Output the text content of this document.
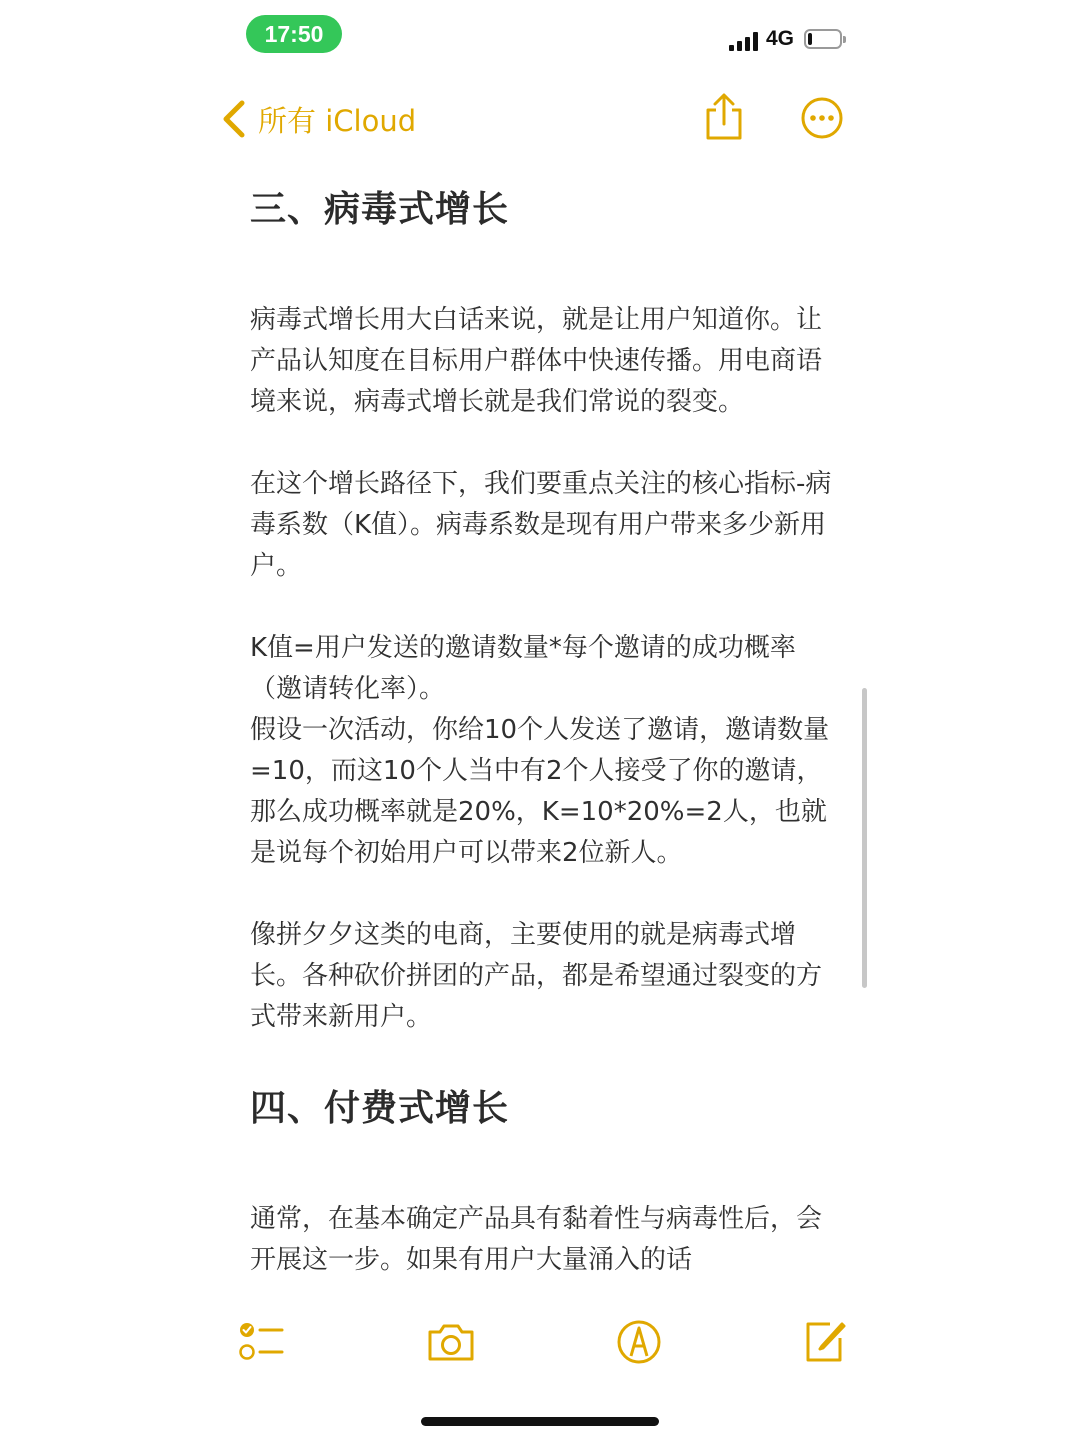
17:50	4G
所有 iCloud
三、病毒式增长

病毒式增长用大白话来说，就是让用户知道你。让产品认知度在目标用户群体中快速传播。用电商语境来说，病毒式增长就是我们常说的裂变。

在这个增长路径下，我们要重点关注的核心指标-病毒系数（K值）。病毒系数是现有用户带来多少新用户。

K值=用户发送的邀请数量*每个邀请的成功概率（邀请转化率）。

假设一次活动，你给10个人发送了邀请，邀请数量=10，而这10个人当中有2个人接受了你的邀请，那么成功概率就是20%，K=10*20%=2人，也就是说每个初始用户可以带来2位新人。

像拼夕夕这类的电商，主要使用的就是病毒式增长。各种砍价拼团的产品，都是希望通过裂变的方式带来新用户。

四、付费式增长

通常，在基本确定产品具有黏着性与病毒性后，会开展这一步。如果有用户大量涌入的话
